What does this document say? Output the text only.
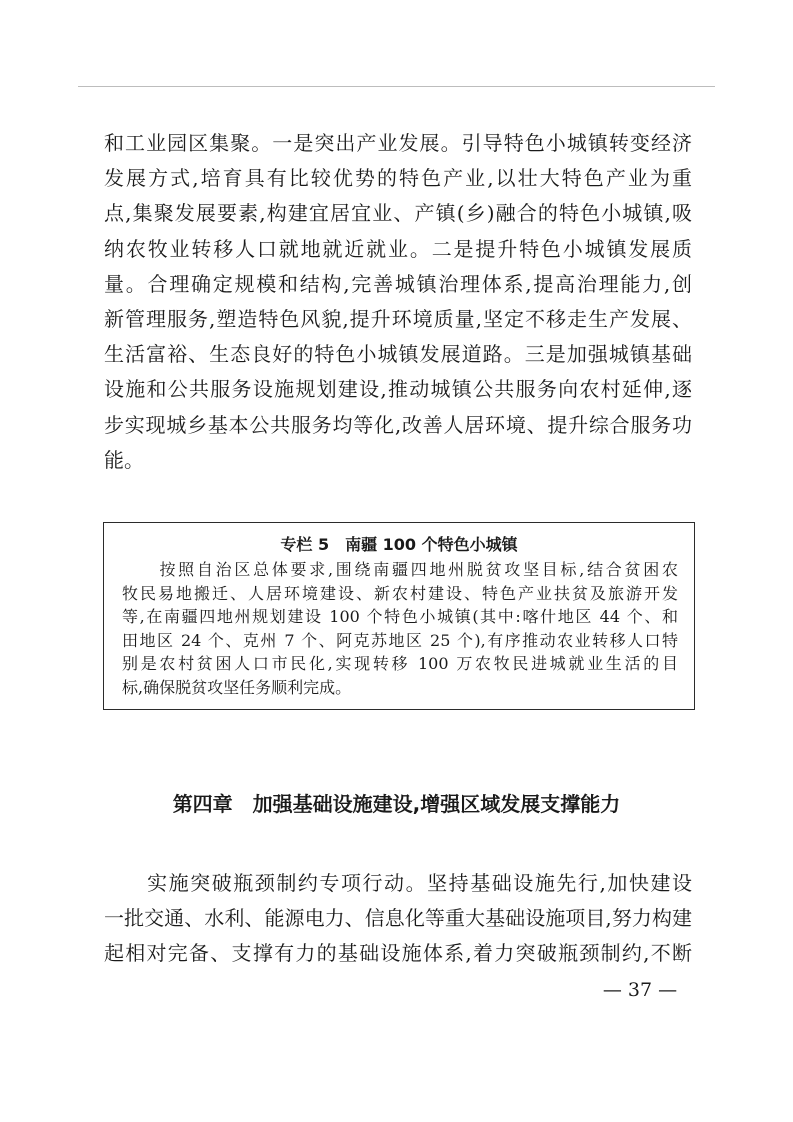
和工业园区集聚。一是突出产业发展。引导特色小城镇转变经济
发展方式,培育具有比较优势的特色产业,以壮大特色产业为重
点,集聚发展要素,构建宜居宜业、产镇(乡)融合的特色小城镇,吸
纳农牧业转移人口就地就近就业。二是提升特色小城镇发展质
量。合理确定规模和结构,完善城镇治理体系,提高治理能力,创
新管理服务,塑造特色风貌,提升环境质量,坚定不移走生产发展、
生活富裕、生态良好的特色小城镇发展道路。三是加强城镇基础
设施和公共服务设施规划建设,推动城镇公共服务向农村延伸,逐
步实现城乡基本公共服务均等化,改善人居环境、提升综合服务功
能。
专栏 5　南疆 100 个特色小城镇
　　按照自治区总体要求,围绕南疆四地州脱贫攻坚目标,结合贫困农
牧民易地搬迁、人居环境建设、新农村建设、特色产业扶贫及旅游开发
等,在南疆四地州规划建设 100 个特色小城镇(其中:喀什地区 44 个、和
田地区 24 个、克州 7 个、阿克苏地区 25 个),有序推动农业转移人口特
别是农村贫困人口市民化,实现转移 100 万农牧民进城就业生活的目
标,确保脱贫攻坚任务顺利完成。
第四章　加强基础设施建设,增强区域发展支撑能力
　　实施突破瓶颈制约专项行动。坚持基础设施先行,加快建设
一批交通、水利、能源电力、信息化等重大基础设施项目,努力构建
起相对完备、支撑有力的基础设施体系,着力突破瓶颈制约,不断
— 37 —
